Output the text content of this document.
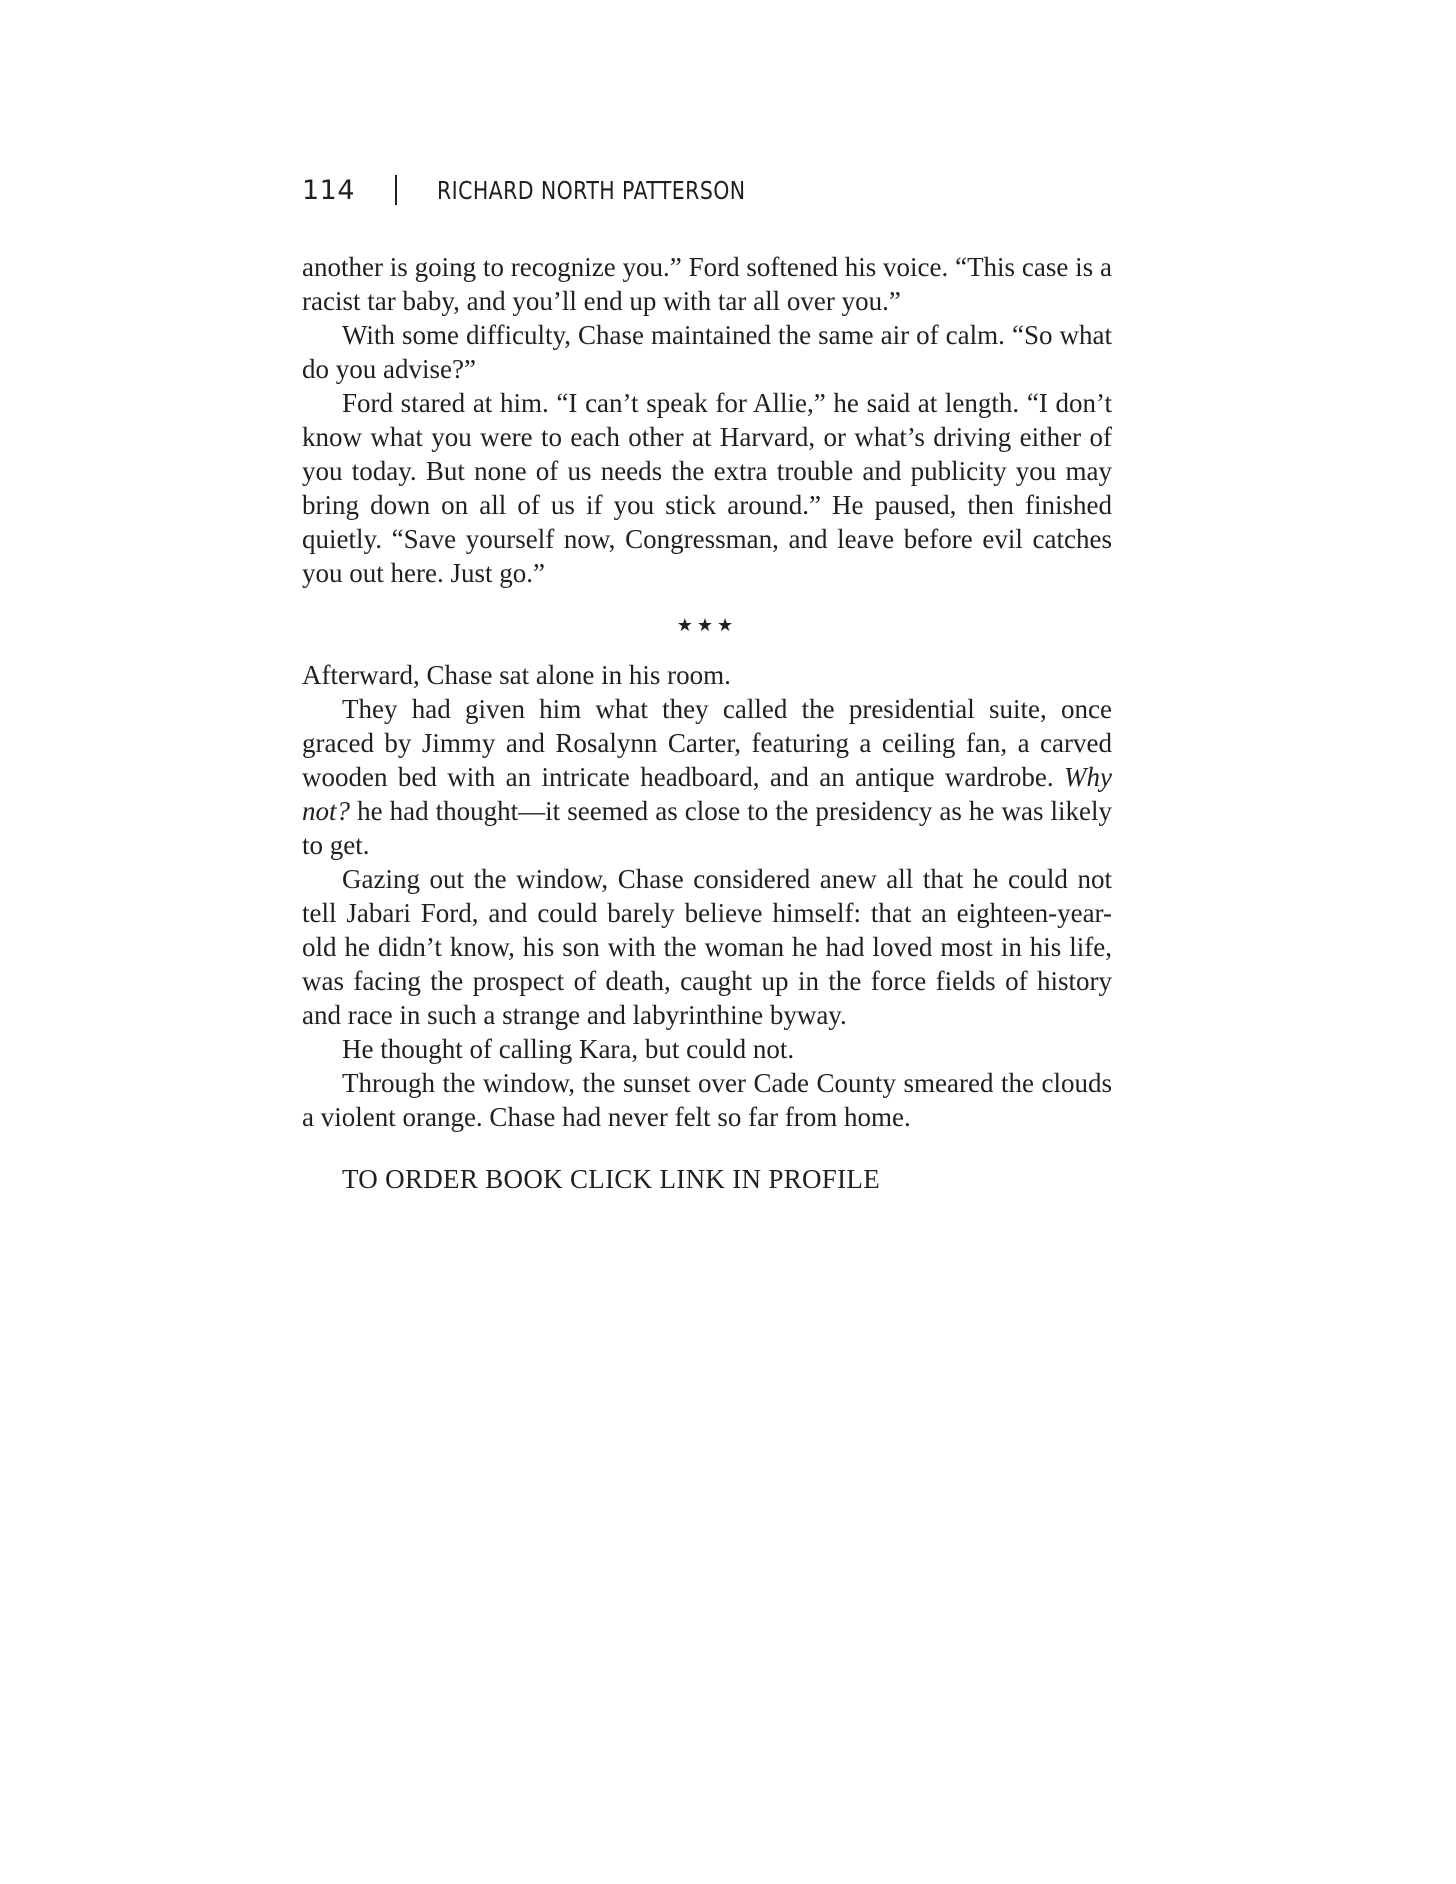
114	RICHARD NORTH PATTERSON

another is going to recognize you.” Ford softened his voice. “This case is a racist tar baby, and you’ll end up with tar all over you.”

With some difficulty, Chase maintained the same air of calm. “So what do you advise?”

Ford stared at him. “I can’t speak for Allie,” he said at length. “I don’t know what you were to each other at Harvard, or what’s driving either of you today. But none of us needs the extra trouble and publicity you may bring down on all of us if you stick around.” He paused, then finished quietly. “Save yourself now, Congressman, and leave before evil catches you out here. Just go.”

★★★

Afterward, Chase sat alone in his room.

They had given him what they called the presidential suite, once graced by Jimmy and Rosalynn Carter, featuring a ceiling fan, a carved wooden bed with an intricate headboard, and an antique wardrobe. Why not? he had thought—it seemed as close to the presidency as he was likely to get.

Gazing out the window, Chase considered anew all that he could not tell Jabari Ford, and could barely believe himself: that an eighteen-year-old he didn’t know, his son with the woman he had loved most in his life, was facing the prospect of death, caught up in the force fields of history and race in such a strange and labyrinthine byway.

He thought of calling Kara, but could not.

Through the window, the sunset over Cade County smeared the clouds a violent orange. Chase had never felt so far from home.

TO ORDER BOOK CLICK LINK IN PROFILE
